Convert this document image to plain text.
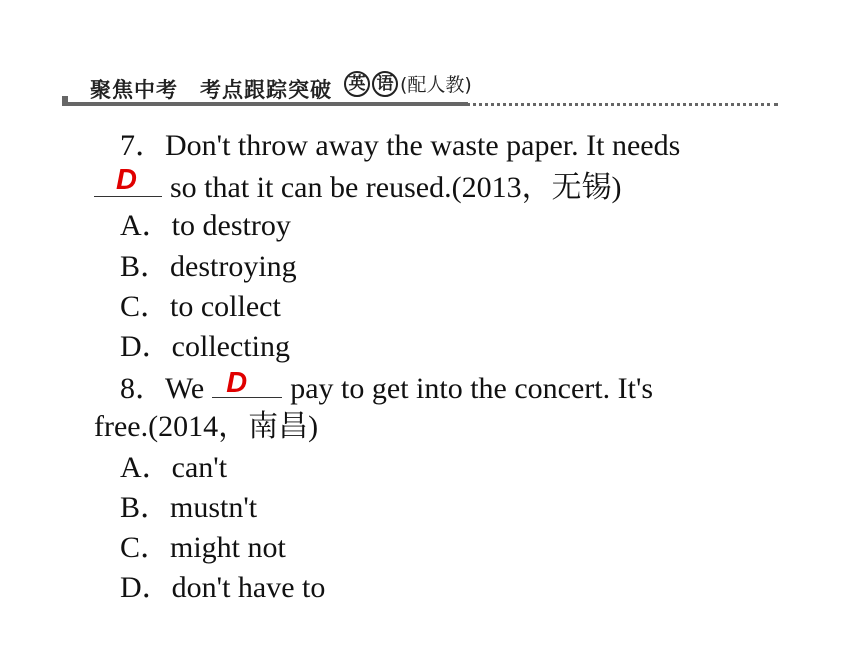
聚焦中考　考点跟踪突破 英 语 (配人教)
7．Don't throw away the waste paper. It needs
D so that it can be reused.(2013，无锡)
A．to destroy
B．destroying
C．to collect
D．collecting
8．We D pay to get into the concert. It's
free.(2014，南昌)
A．can't
B．mustn't
C．might not
D．don't have to
